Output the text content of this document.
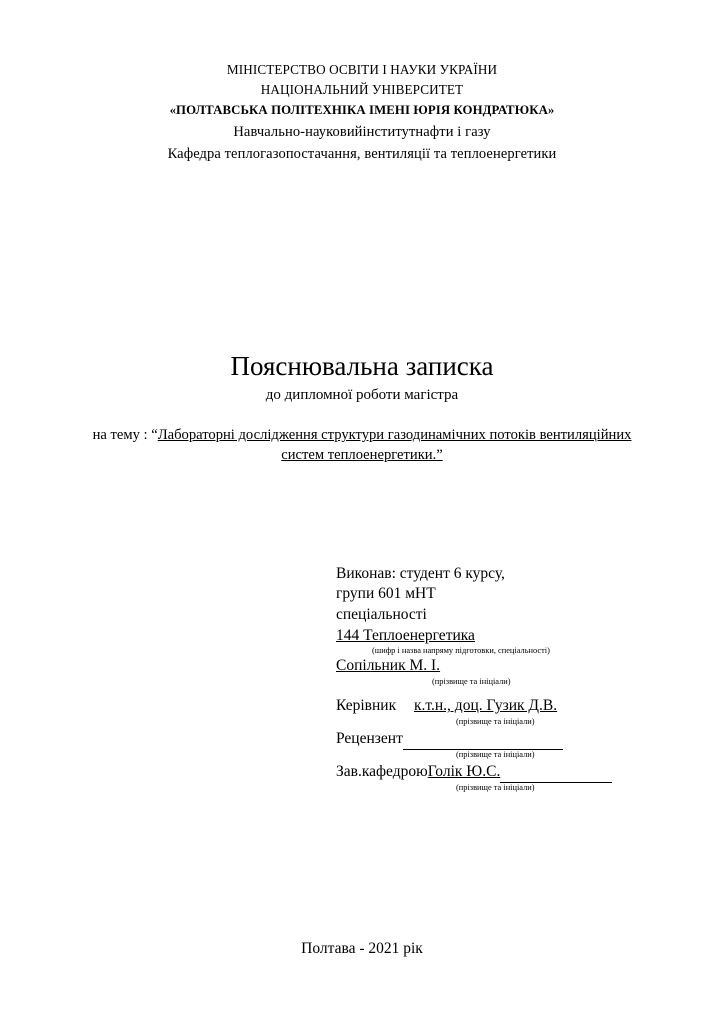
МІНІСТЕРСТВО ОСВІТИ І НАУКИ УКРАЇНИ
НАЦІОНАЛЬНИЙ УНІВЕРСИТЕТ
«ПОЛТАВСЬКА ПОЛІТЕХНІКА ІМЕНІ ЮРІЯ КОНДРАТЮКА»
Навчально-науковийінститутнафти і газу
Кафедра теплогазопостачання, вентиляції та теплоенергетики
Пояснювальна записка
до дипломної роботи магістра
на тему : “Лабораторні дослідження структури газодинамічних потоків вентиляційних
систем теплоенергетики.”
Виконав: студент 6 курсу,
групи 601 мНТ
спеціальності
144 Теплоенергетика
(шифр і назва напряму підготовки, спеціальності)
Сопільник М. І.
(прізвище та ініціали)
Керівник к.т.н., доц. Гузик Д.В.
(прізвище та ініціали)
Рецензент
(прізвище та ініціали)
Зав.кафедроюГолік Ю.С.
(прізвище та ініціали)
Полтава - 2021 рік
